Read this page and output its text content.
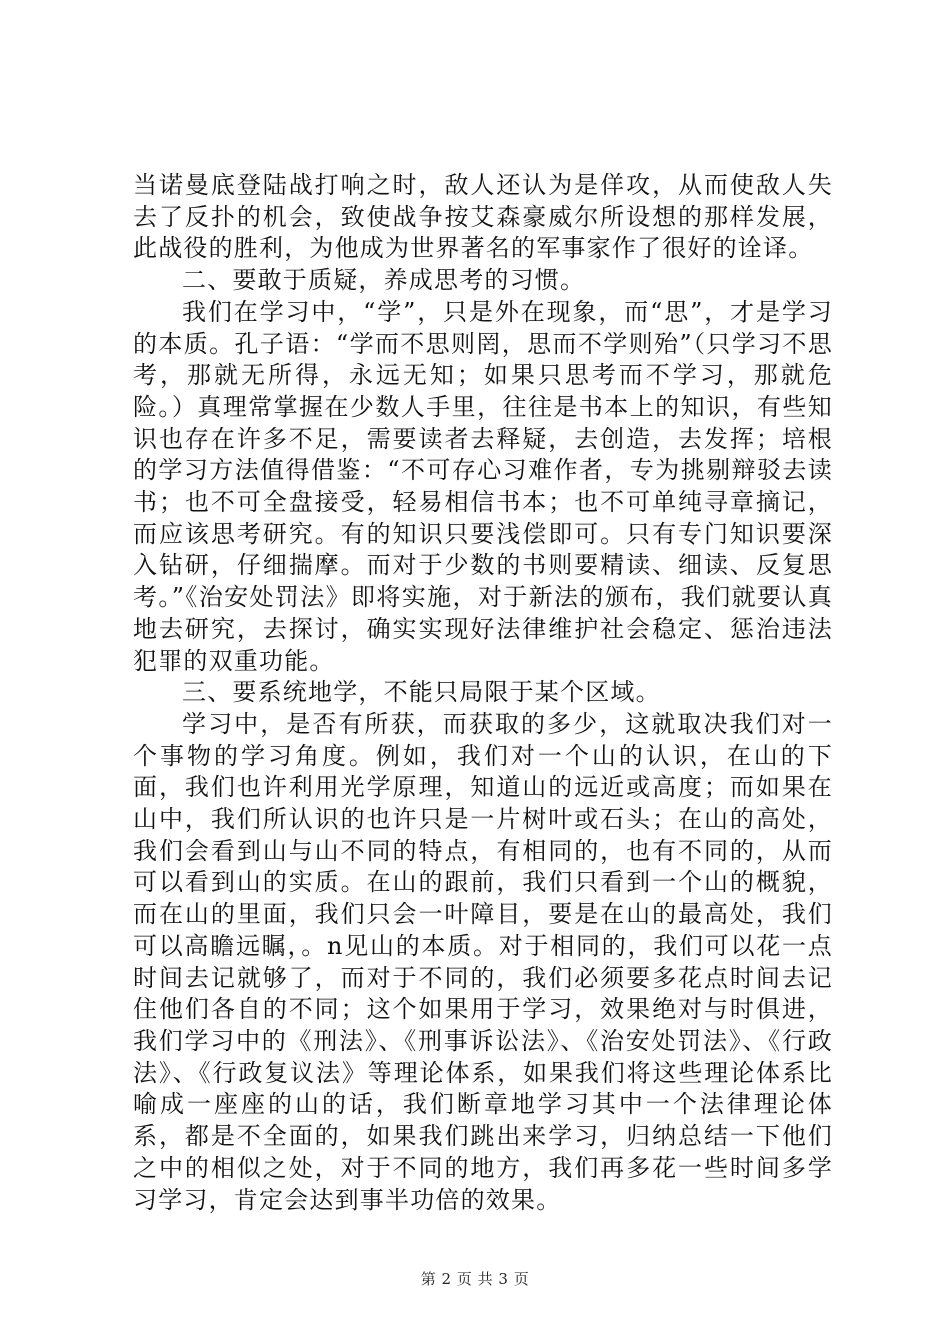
当诺曼底登陆战打响之时，敌人还认为是佯攻，从而使敌人失去了反扑的机会，致使战争按艾森豪威尔所设想的那样发展，此战役的胜利，为他成为世界著名的军事家作了很好的诠译。

二、要敢于质疑，养成思考的习惯。

我们在学习中，“学”，只是外在现象，而“思”，才是学习的本质。孔子语：“学而不思则罔，思而不学则殆”（只学习不思考，那就无所得，永远无知；如果只思考而不学习，那就危险。）真理常掌握在少数人手里，往往是书本上的知识，有些知识也存在许多不足，需要读者去释疑，去创造，去发挥；培根的学习方法值得借鉴：“不可存心习难作者，专为挑剔辩驳去读书；也不可全盘接受，轻易相信书本；也不可单纯寻章摘记，而应该思考研究。有的知识只要浅偿即可。只有专门知识要深入钻研，仔细揣摩。而对于少数的书则要精读、细读、反复思考。”《治安处罚法》即将实施，对于新法的颁布，我们就要认真地去研究，去探讨，确实实现好法律维护社会稳定、惩治违法犯罪的双重功能。

三、要系统地学，不能只局限于某个区域。

学习中，是否有所获，而获取的多少，这就取决我们对一个事物的学习角度。例如，我们对一个山的认识，在山的下面，我们也许利用光学原理，知道山的远近或高度；而如果在山中，我们所认识的也许只是一片树叶或石头；在山的高处，我们会看到山与山不同的特点，有相同的，也有不同的，从而可以看到山的实质。在山的跟前，我们只看到一个山的概貌，而在山的里面，我们只会一叶障目，要是在山的最高处，我们可以高瞻远瞩，。n见山的本质。对于相同的，我们可以花一点时间去记就够了，而对于不同的，我们必须要多花点时间去记住他们各自的不同；这个如果用于学习，效果绝对与时俱进，我们学习中的《刑法》、《刑事诉讼法》、《治安处罚法》、《行政法》、《行政复议法》等理论体系，如果我们将这些理论体系比喻成一座座的山的话，我们断章地学习其中一个法律理论体系，都是不全面的，如果我们跳出来学习，归纳总结一下他们之中的相似之处，对于不同的地方，我们再多花一些时间多学习学习，肯定会达到事半功倍的效果。

第 2 页 共 3 页
